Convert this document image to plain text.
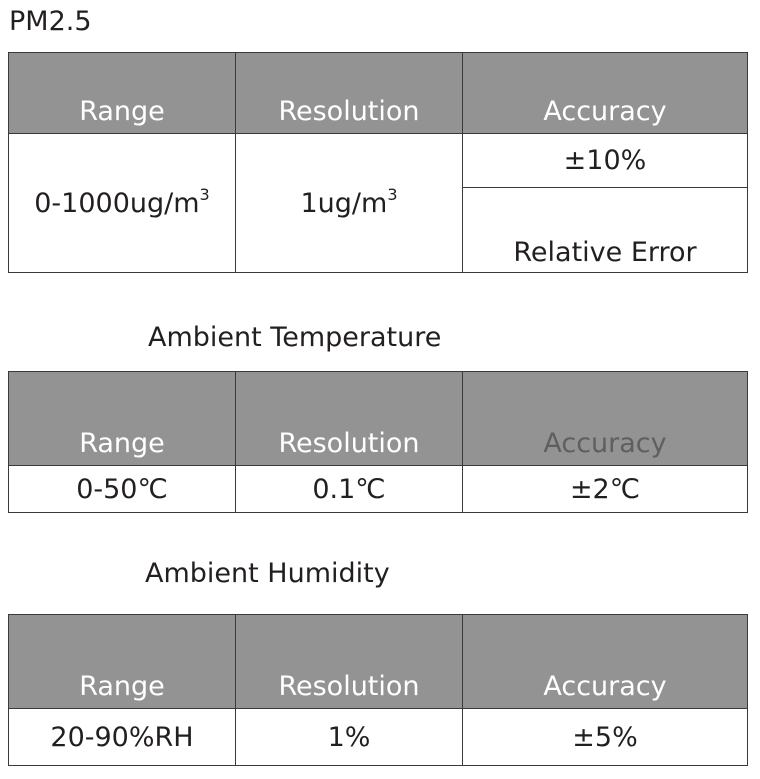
PM2.5
Range	Resolution	Accuracy
$0-1000ug/m^3$	$1ug/m^3$	±10%
		Relative Error
Ambient Temperature
Range	Resolution	Accuracy
0-50℃	0.1℃	±2℃
Ambient Humidity
Range	Resolution	Accuracy
20-90%RH	1%	±5%
